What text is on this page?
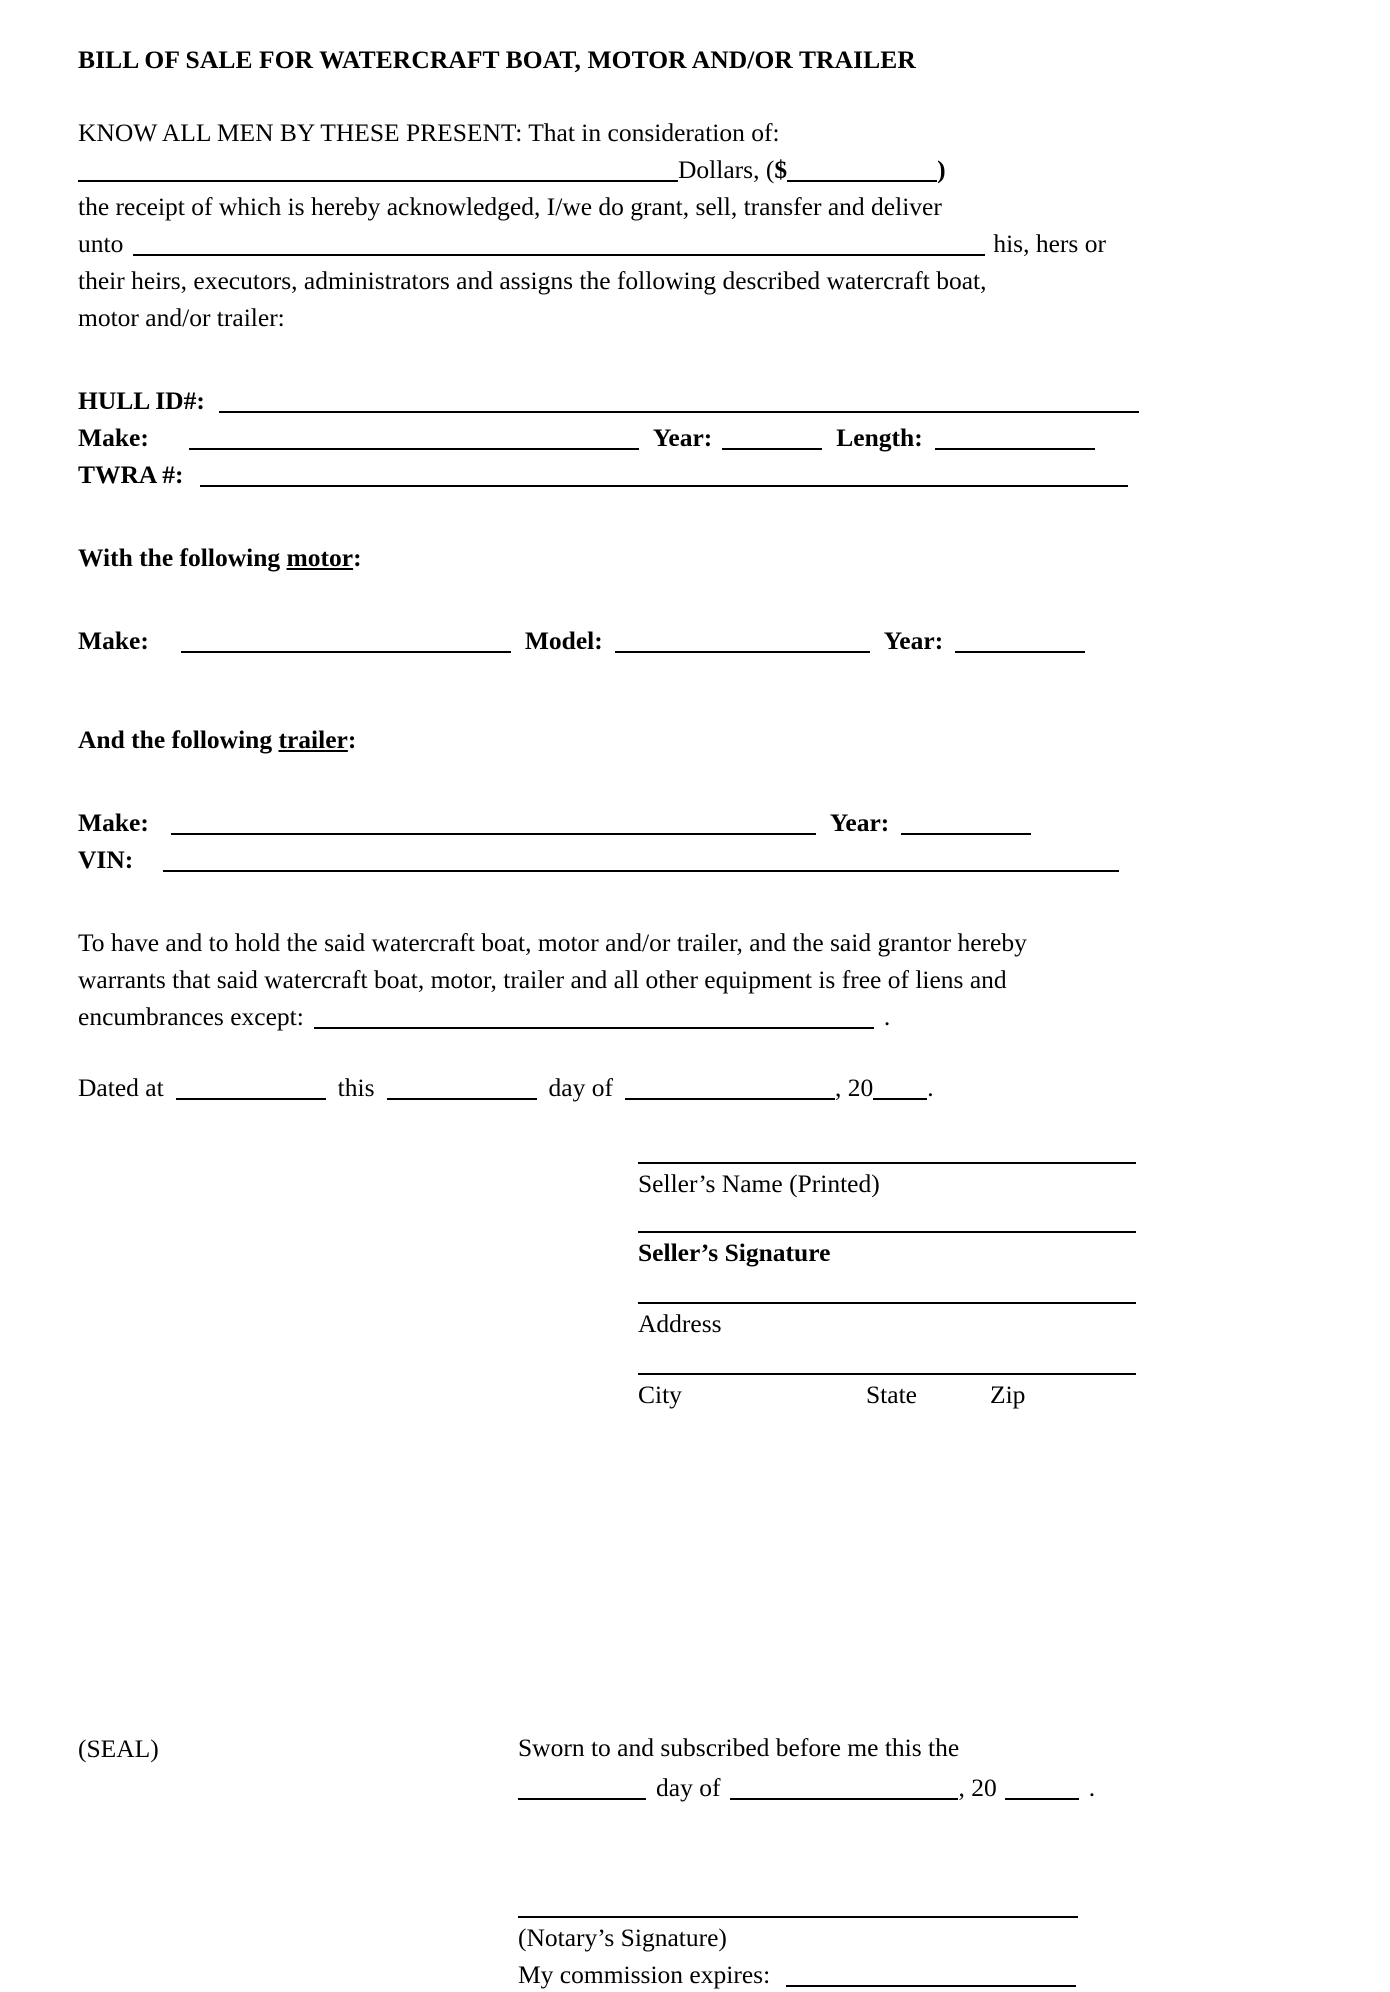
BILL OF SALE FOR WATERCRAFT BOAT, MOTOR AND/OR TRAILER
KNOW ALL MEN BY THESE PRESENT: That in consideration of:
Dollars, ($	)
the receipt of which is hereby acknowledged, I/we do grant, sell, transfer and deliver
unto	his, hers or
their heirs, executors, administrators and assigns the following described watercraft boat,
motor and/or trailer:
HULL ID#:
Make:	Year:	Length:
TWRA #:
With the following motor:
Make:	Model:	Year:
And the following trailer:
Make:	Year:
VIN:
To have and to hold the said watercraft boat, motor and/or trailer, and the said grantor hereby
warrants that said watercraft boat, motor, trailer and all other equipment is free of liens and
encumbrances except:	.
Dated at	this	day of	, 20 .
Seller’s Name (Printed)
Seller’s Signature
Address
City	State	Zip
(SEAL)	Sworn to and subscribed before me this the
day of	, 20	.
(Notary’s Signature)
My commission expires:
